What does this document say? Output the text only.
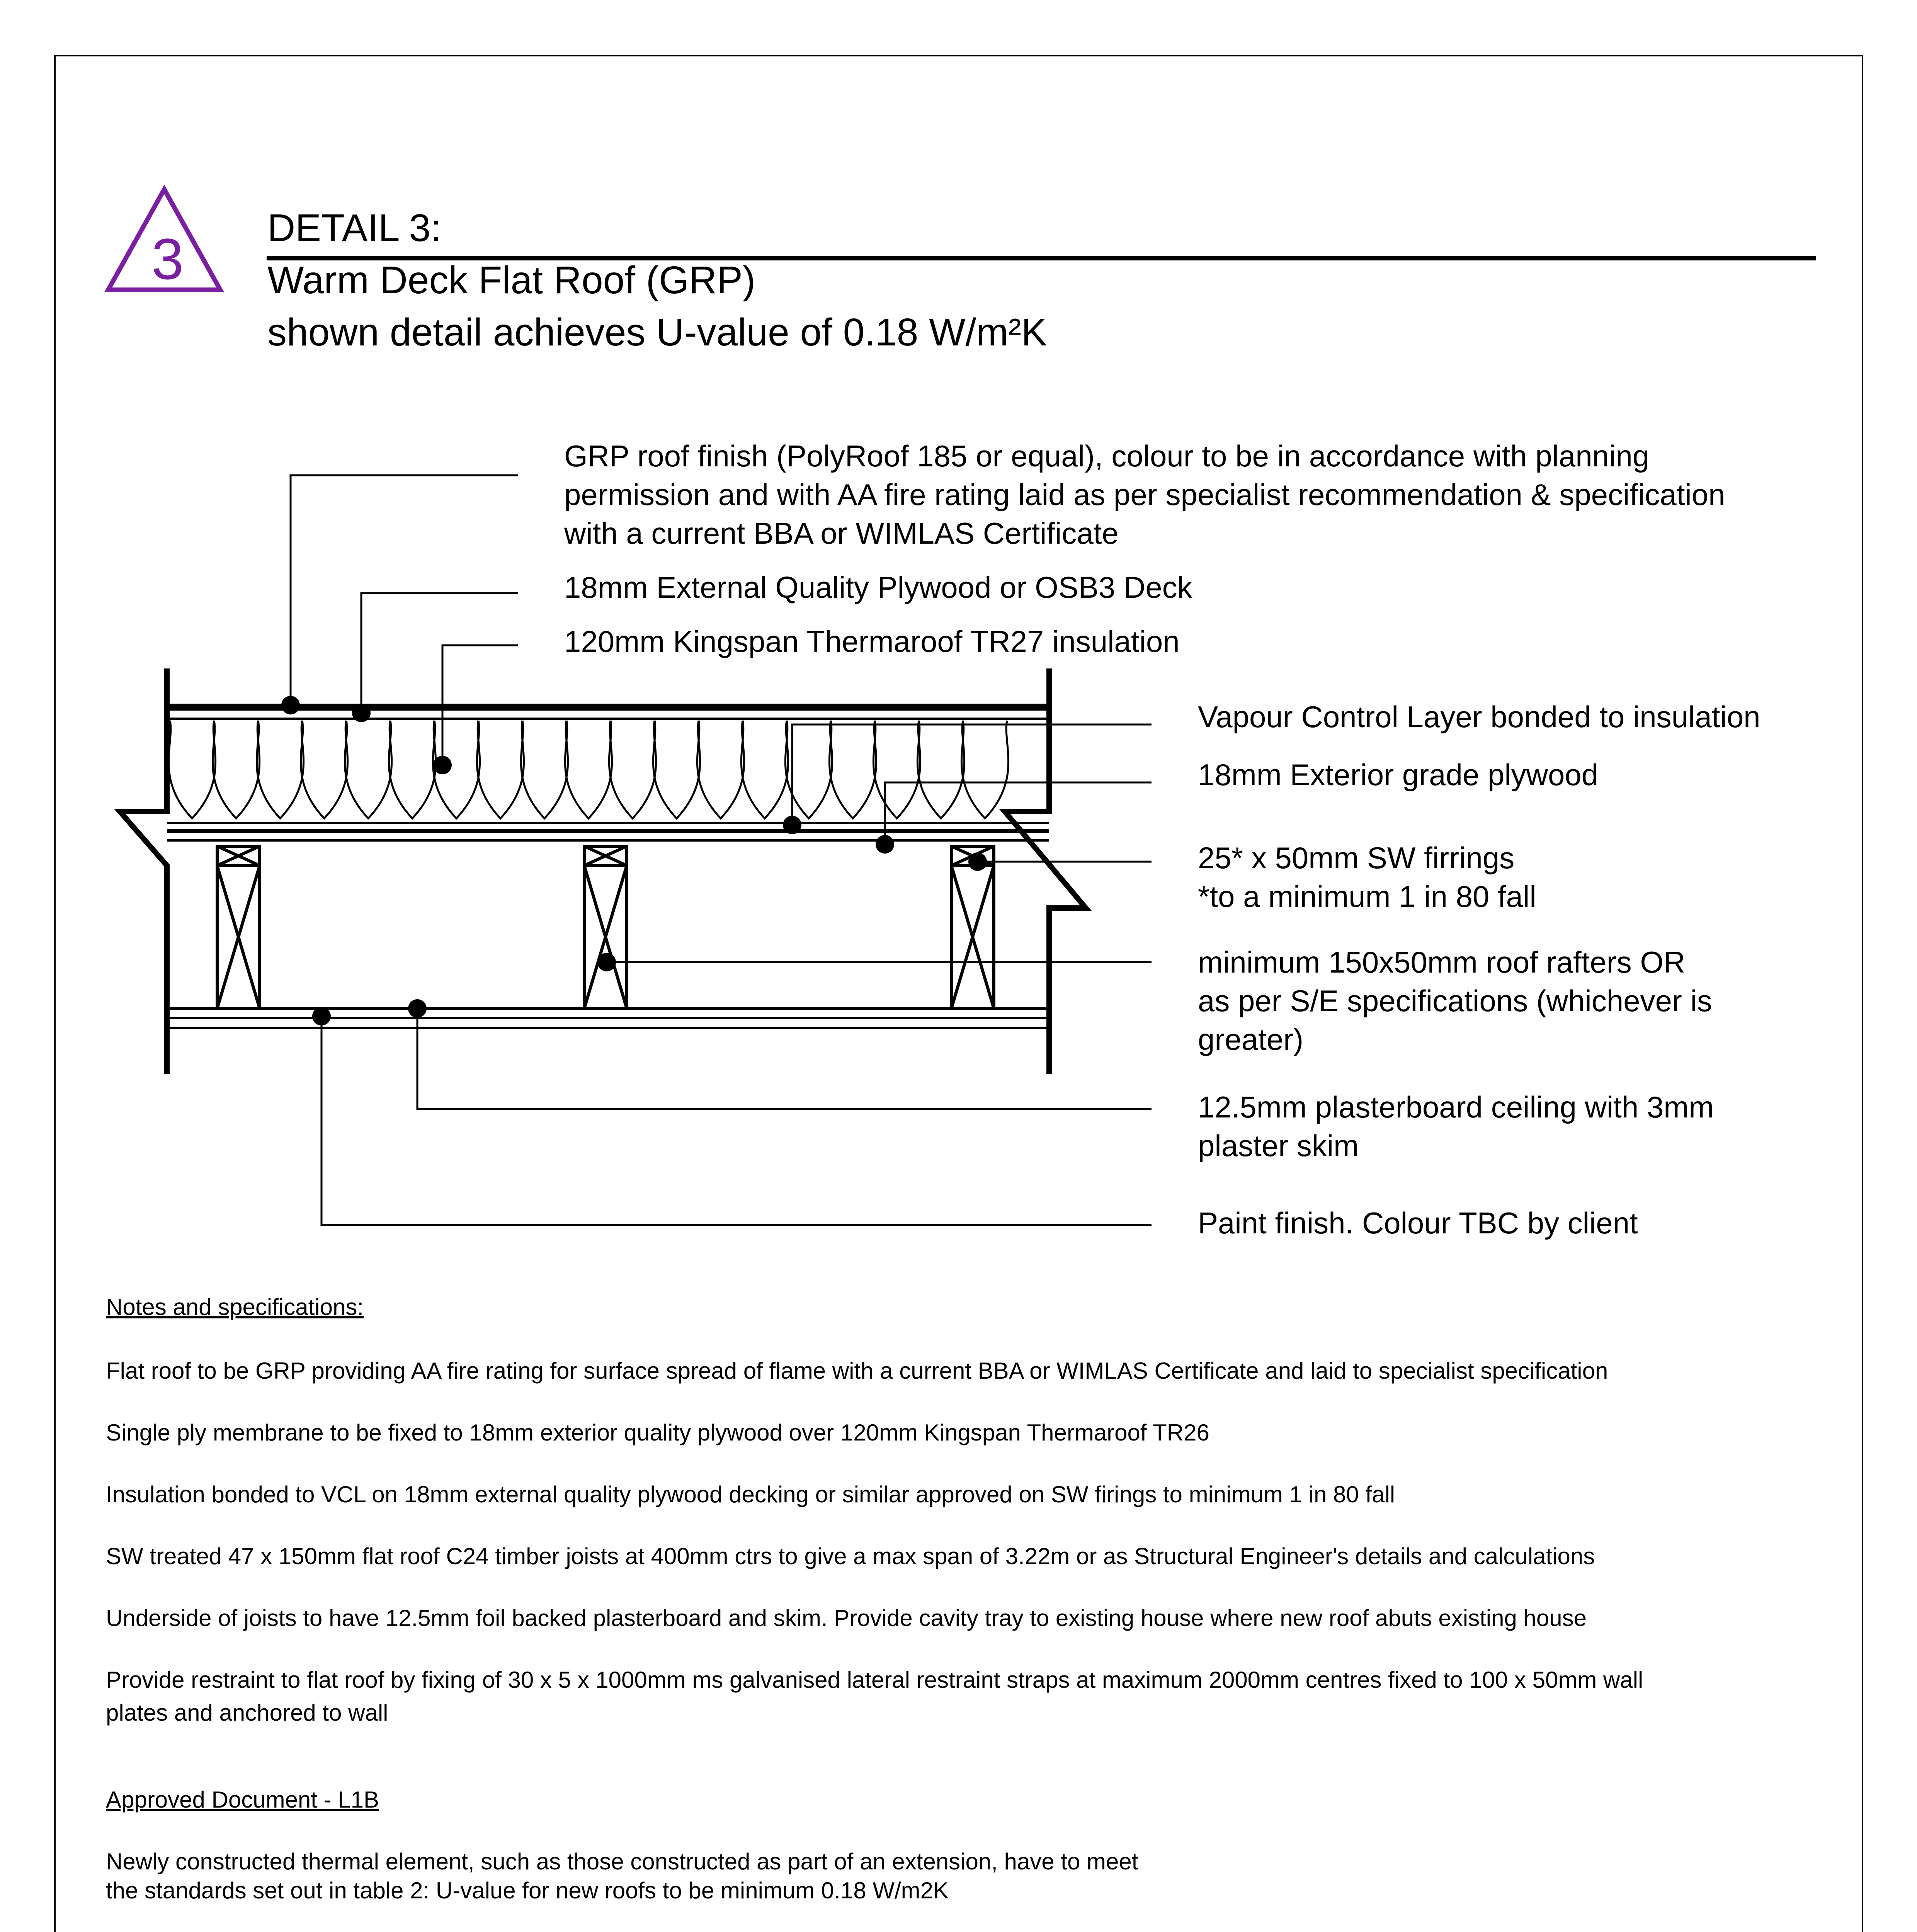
3 DETAIL 3:
Warm Deck Flat Roof (GRP)
shown detail achieves U-value of 0.18 W/m²K
GRP roof finish (PolyRoof 185 or equal), colour to be in accordance with planning
permission and with AA fire rating laid as per specialist recommendation & specification
with a current BBA or WIMLAS Certificate
18mm External Quality Plywood or OSB3 Deck
120mm Kingspan Thermaroof TR27 insulation
Vapour Control Layer bonded to insulation
18mm Exterior grade plywood
25* x 50mm SW firrings
*to a minimum 1 in 80 fall
minimum 150x50mm roof rafters OR
as per S/E specifications (whichever is
greater)
12.5mm plasterboard ceiling with 3mm
plaster skim
Paint finish. Colour TBC by client
Notes and specifications:
Flat roof to be GRP providing AA fire rating for surface spread of flame with a current BBA or WIMLAS Certificate and laid to specialist specification
Single ply membrane to be fixed to 18mm exterior quality plywood over 120mm Kingspan Thermaroof TR26
Insulation bonded to VCL on 18mm external quality plywood decking or similar approved on SW firings to minimum 1 in 80 fall
SW treated 47 x 150mm flat roof C24 timber joists at 400mm ctrs to give a max span of 3.22m or as Structural Engineer's details and calculations
Underside of joists to have 12.5mm foil backed plasterboard and skim. Provide cavity tray to existing house where new roof abuts existing house
Provide restraint to flat roof by fixing of 30 x 5 x 1000mm ms galvanised lateral restraint straps at maximum 2000mm centres fixed to 100 x 50mm wall
plates and anchored to wall
Approved Document - L1B
Newly constructed thermal element, such as those constructed as part of an extension, have to meet
the standards set out in table 2: U-value for new roofs to be minimum 0.18 W/m2K
